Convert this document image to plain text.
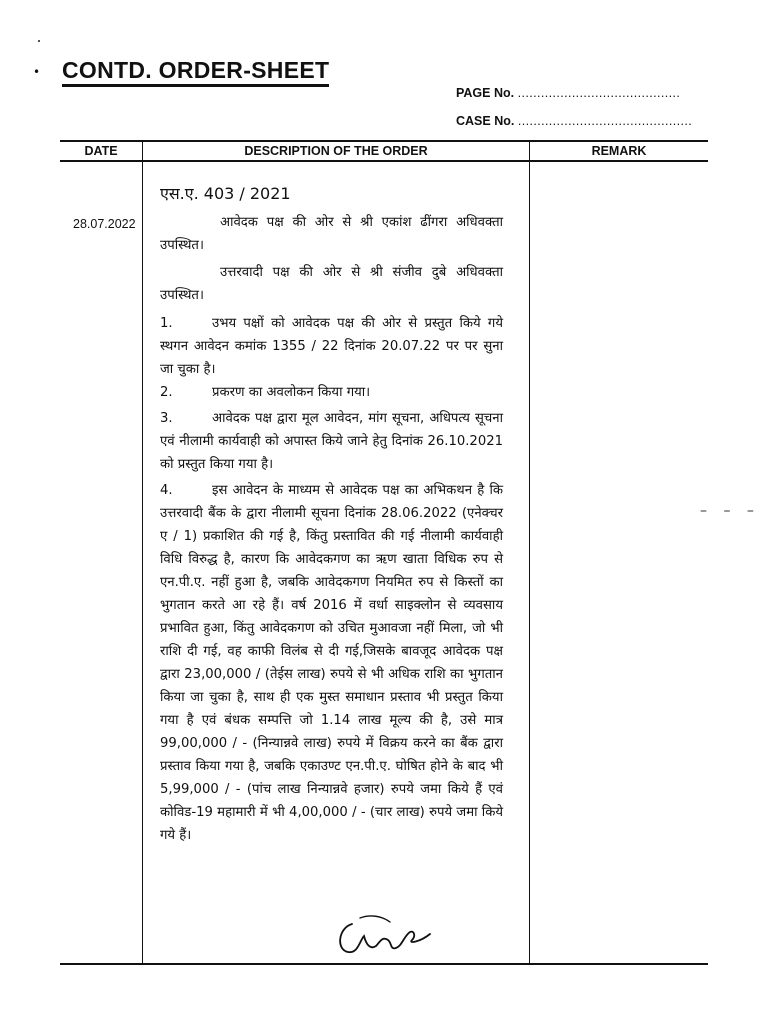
• CONTD. ORDER-SHEET
PAGE No. ..........................................
CASE No. .............................................
DATE	DESCRIPTION OF THE ORDER	REMARK
एस.ए. 403 / 2021
28.07.2022	आवेदक पक्ष की ओर से श्री एकांश ढींगरा अधिवक्ता उपस्थित।
उत्तरवादी पक्ष की ओर से श्री संजीव दुबे अधिवक्ता उपस्थित।
1.	उभय पक्षों को आवेदक पक्ष की ओर से प्रस्तुत किये गये स्थगन आवेदन कमांक 1355 / 22 दिनांक 20.07.22 पर पर सुना जा चुका है।
2.	प्रकरण का अवलोकन किया गया।
3.	आवेदक पक्ष द्वारा मूल आवेदन, मांग सूचना, अधिपत्य सूचना एवं नीलामी कार्यवाही को अपास्त किये जाने हेतु दिनांक 26.10.2021 को प्रस्तुत किया गया है।
4.	इस आवेदन के माध्यम से आवेदक पक्ष का अभिकथन है कि उत्तरवादी बैंक के द्वारा नीलामी सूचना दिनांक 28.06.2022 (एनेक्चर ए / 1) प्रकाशित की गई है, किंतु प्रस्तावित की गई नीलामी कार्यवाही विधि विरुद्ध है, कारण कि आवेदकगण का ऋण खाता विधिक रुप से एन.पी.ए. नहीं हुआ है, जबकि आवेदकगण नियमित रुप से किस्तों का भुगतान करते आ रहे हैं। वर्ष 2016 में वर्धा साइक्लोन से व्यवसाय प्रभावित हुआ, किंतु आवेदकगण को उचित मुआवजा नहीं मिला, जो भी राशि दी गई, वह काफी विलंब से दी गई,जिसके बावजूद आवेदक पक्ष द्वारा 23,00,000 / (तेईस लाख) रुपये से भी अधिक राशि का भुगतान किया जा चुका है, साथ ही एक मुस्त समाधान प्रस्ताव भी प्रस्तुत किया गया है एवं बंधक सम्पत्ति जो 1.14 लाख मूल्य की है, उसे मात्र 99,00,000 / - (निन्यान्नवे लाख) रुपये में विक्रय करने का बैंक द्वारा प्रस्ताव किया गया है, जबकि एकाउण्ट एन.पी.ए. घोषित होने के बाद भी 5,99,000 / - (पांच लाख निन्यान्नवे हजार) रुपये जमा किये हैं एवं कोविड-19 महामारी में भी 4,00,000 / - (चार लाख) रुपये जमा किये गये हैं।
– – –
